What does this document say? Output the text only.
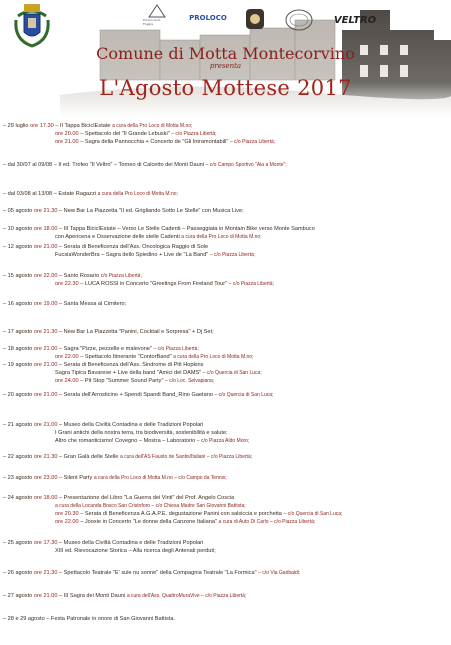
Provincia di Foggia
PROLOCO	VELTRO
Comune di Motta Montecorvino
presenta
L'Agosto Mottese 2017
– 29 luglio ore 17.30 – II Tappa BicicIEstate a cura della Pro Loco di Motta M.no;
ore 20.00 – Spettacolo del "Il Grande Lebuski" – c/o Piazza Libertà;
ore 21.00 – Sagra della Pannocchia + Concerto de "Gli Intramontabili" – c/o Piazza Libertà;
– dal 30/07 al 09/08 – II ed. Trofeo "Il Veltro" – Torneo di Calcetto dei Monti Dauni – c/o Campo Sportivo "Aia a Monte";
– dal 03/08 al 13/08 – Estate Ragazzi a cura della Pro Loco di Motta M.no;
– 05 agosto ore 21.30 – New Bar La Piazzetta "II ed. Grigliando Sotto Le Stelle" con Musica Live;
– 10 agosto ore 18.00 – III Tappa BicicIEstate – Verso Le Stelle Cadenti – Passeggiata in Montain Bike verso Monte Sambuco
con Apericena e Osservazione delle stelle Cadenti a cura della Pro Loco di Motta M.no;
– 12 agosto ore 21.00 – Serata di Beneficenza dell'Ass. Oncologica Raggio di Sole
FucsiaWonderBra – Sagra dello Spiedino + Live de "La Band" – c/o Piazza Libertà;
– 15 agosto ore 22.00 – Santo Rosario c/o Piazza Libertà;
ore 22.30 – LUCA ROSSI in Concerto "Greetings From Fireland Tour" – c/o Piazza Libertà;
– 16 agosto ore 19.00 – Santa Messa al Cimitero;
– 17 agosto ore 21.30 – New Bar La Piazzetta "Panini, Cocktail e Sorpresa" + Dj Set;
– 18 agosto ore 21.00 – Sagra "Pizze, pezzelle e malevone" – c/o Piazza Libertà;
ore 22.00 – Spettacolo Itinerante "ContorBand" a cura della Pro Loco di Motta M.no;
– 19 agosto ore 21.00 – Serata di Beneficenza dell'Ass. Sindrome di Pitt Hopkins
Sagra Tipica Bavarese + Live della band "Amici del DAMS" – c/o Quercia di San Luca;
ore 24.00 – Pit Stop "Summer Sound Party" – c/o Loc. Selvapiana;
– 20 agosto ore 21.00 – Serata dell'Arrosticino + Spendi Spandi Band_Rino Gaetano – c/o Quercia di San Luca;
– 21 agosto ore 21.00 – Museo della Civiltà Contadina e delle Tradizioni Popolari
I Grani antichi della nostra terra, tra biodiversità, sostenibilità e salute;
Altro che romanticismo! Covegno – Mostra – Laboratorio – c/o Piazza Aldo Moro;
– 22 agosto ore 21.30 – Gran Galà delle Stelle a cura dell'AS Fausto de Santis/Italiani – c/o Piazza Libertà;
– 23 agosto ore 23.00 – Silent Party a cura della Pro Loco di Motta M.no – c/o Campo da Tennis;
– 24 agosto ore 18.00 – Presentazione del Libro "La Guerra dei Vinti" del Prof. Angelo Coscia
a cura della Locanda Bosco San Cristoforo – c/o Chiesa Madre San Giovanni Battista;
ore 20.30 – Serata di Beneficenza A.G.A.P.E. degustazione Panini con salsiccia e porchetta – c/o Quercia di San Luca;
ore 22.00 – Jooxie in Concerto "Le donne della Canzone Italiana" a cura di Auto Di Carlo – c/o Piazza Libertà;
– 25 agosto ore 17.30 – Museo della Civiltà Contadina e delle Tradizioni Popolari
XIII ed. Rievocazione Storica – Alla ricerca degli Antenati perduti;
– 26 agosto ore 21.30 – Spettacolo Teatrale "E' sule nu sonne" della Compagnia Teatrale "La Formica" – c/o Via Garibaldi;
– 27 agosto ore 21.00 – III Sagra dei Monti Dauni a cura dell'Ass. QuattroMuraVive – c/o Piazza Libertà;
– 28 e 29 agosto – Festa Patronale in onore di San Giovanni Battista.
